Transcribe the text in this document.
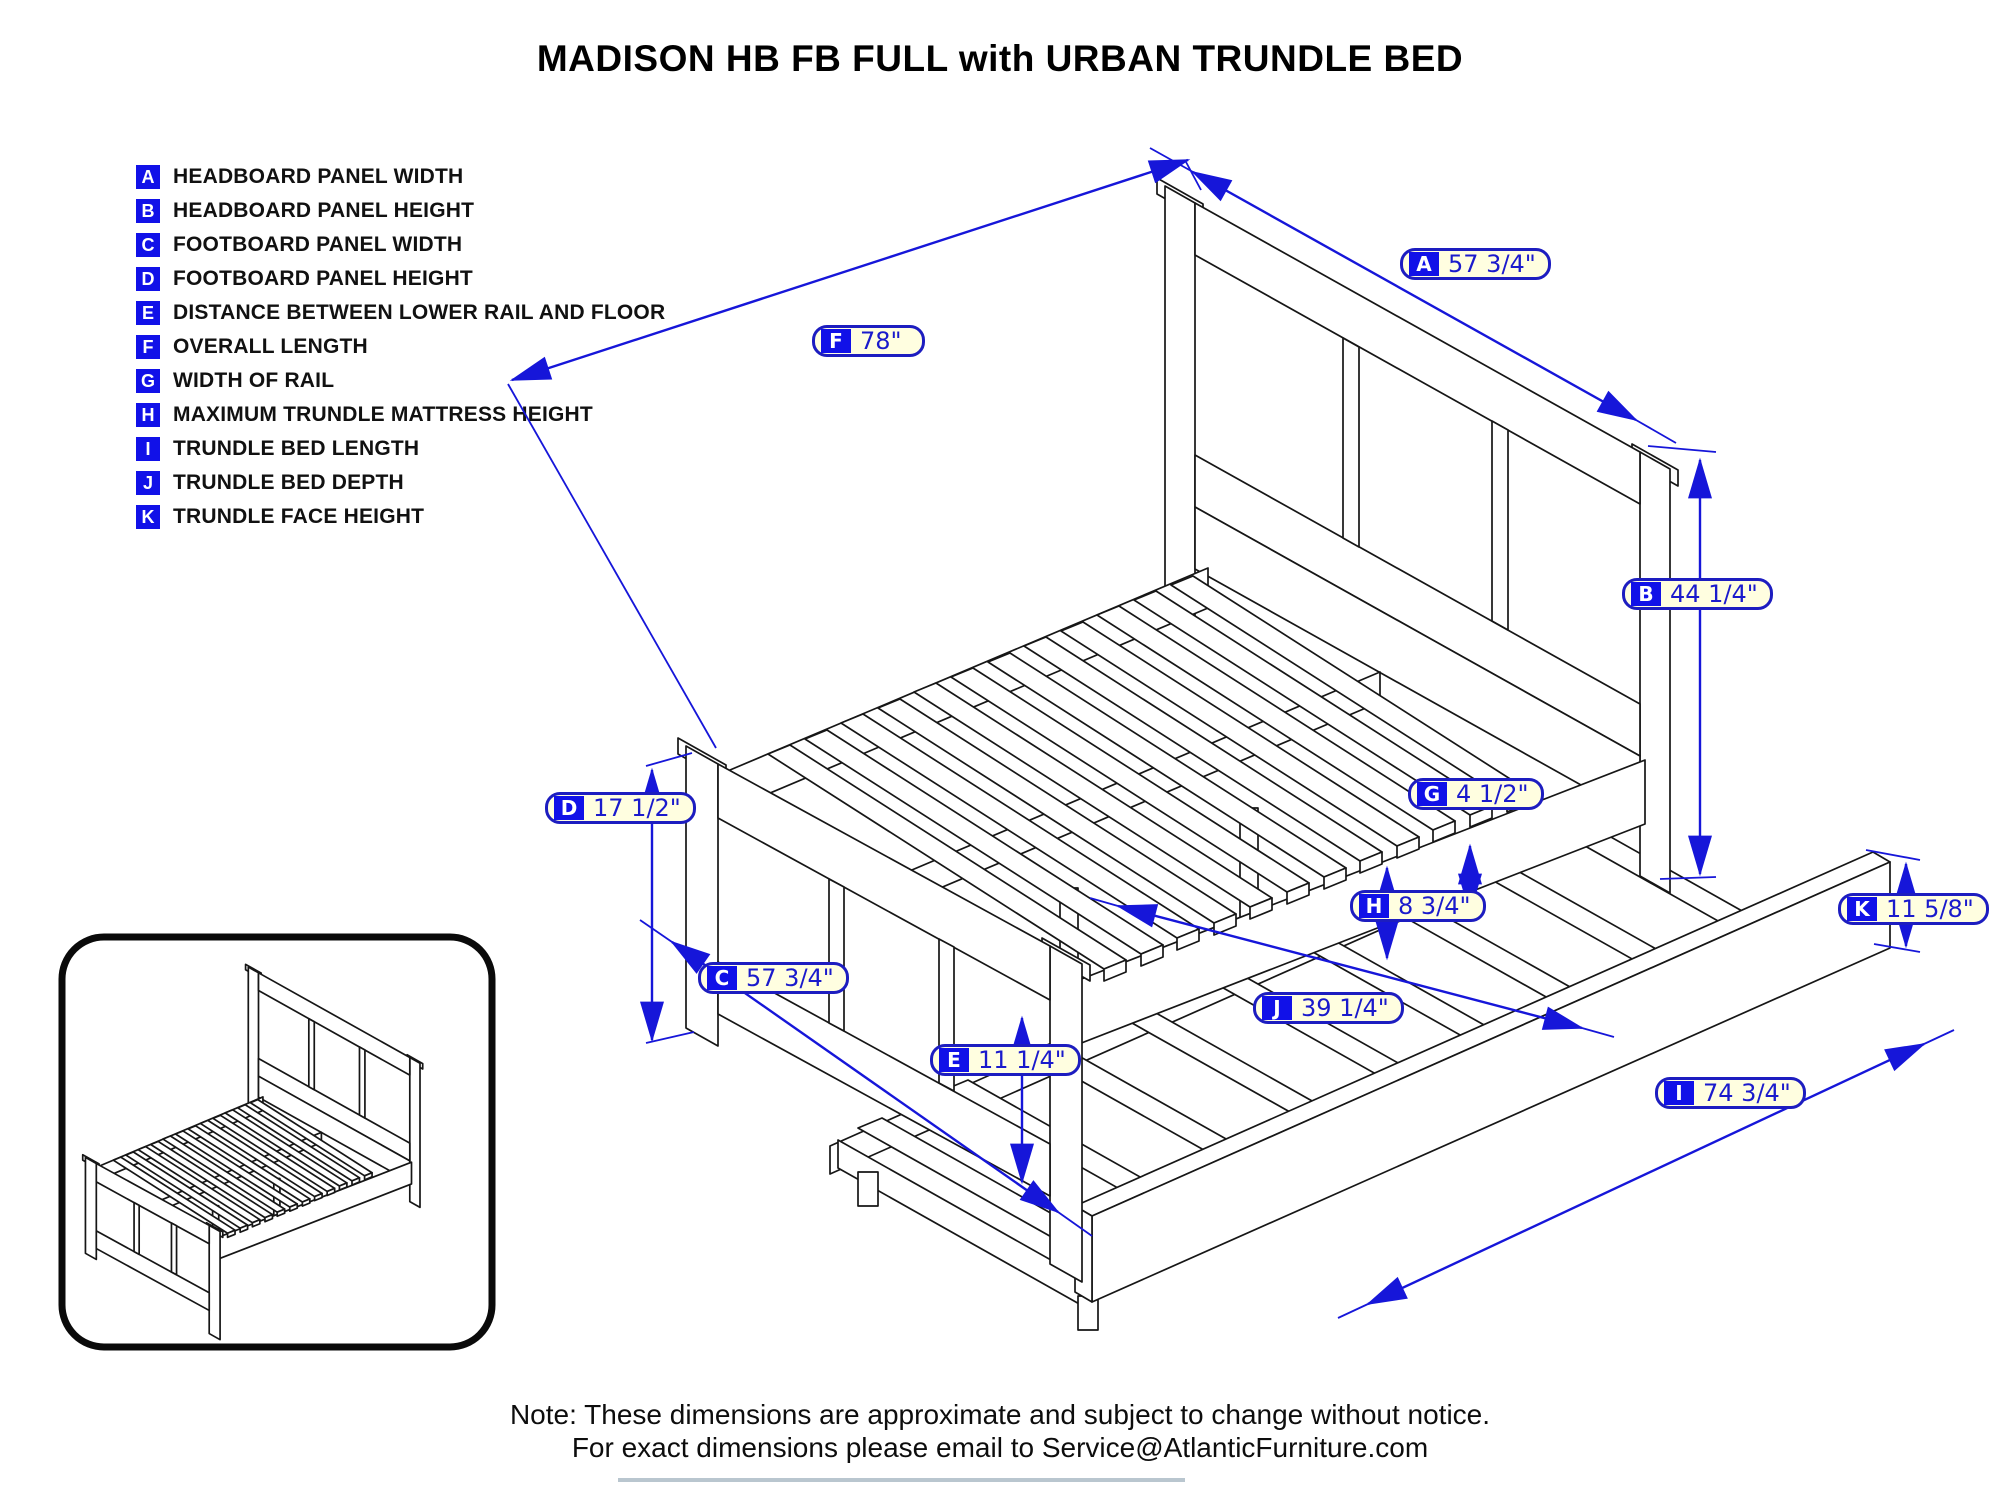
MADISON HB FB FULL with URBAN TRUNDLE BED
A HEADBOARD PANEL WIDTH
B HEADBOARD PANEL HEIGHT
C FOOTBOARD PANEL WIDTH
D FOOTBOARD PANEL HEIGHT
E DISTANCE BETWEEN LOWER RAIL AND FLOOR
F OVERALL LENGTH
G WIDTH OF RAIL
H MAXIMUM TRUNDLE MATTRESS HEIGHT
I	TRUNDLE BED LENGTH
J TRUNDLE BED DEPTH
K TRUNDLE FACE HEIGHT
A 57 3/4"
F 78"
B 44 1/4"
D 17 1/2"	G 4 1/2"
H 8 3/4"	K 11 5/8"
C 57 3/4"
J 39 1/4"
E 11 1/4"
I 74 3/4"
Note: These dimensions are approximate and subject to change without notice.
For exact dimensions please email to Service@AtlanticFurniture.com
